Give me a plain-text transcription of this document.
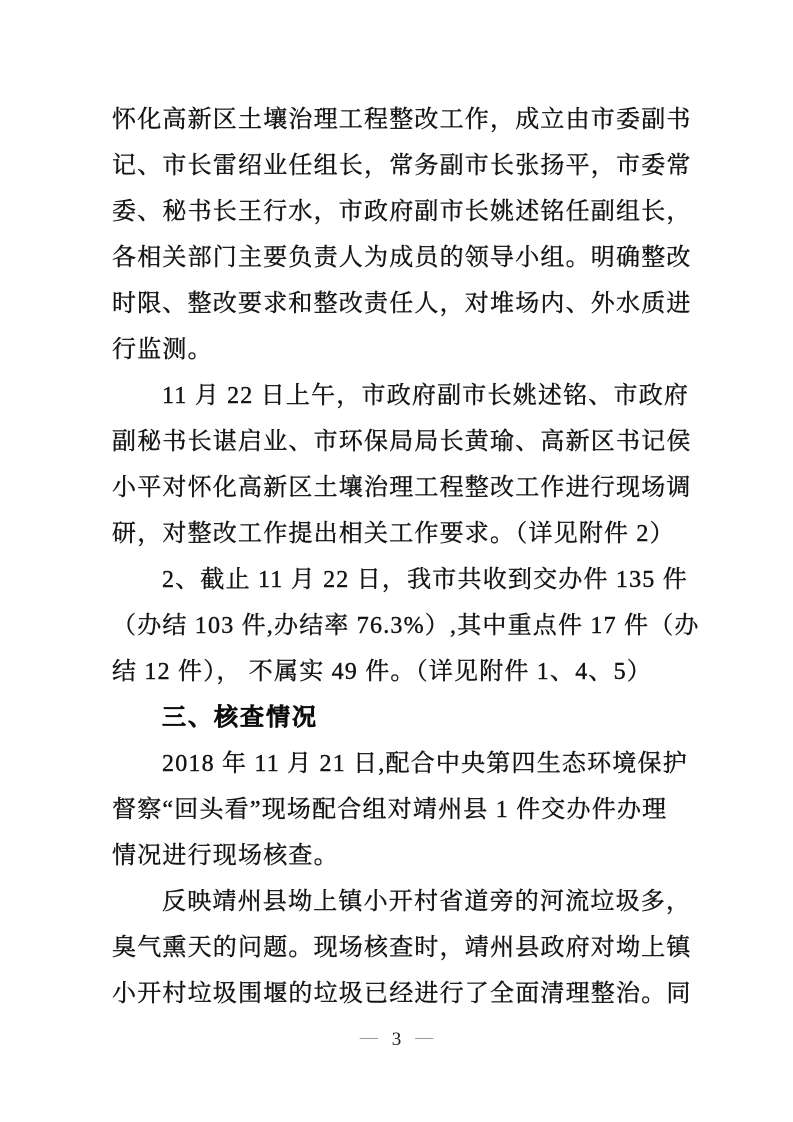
怀化高新区土壤治理工程整改工作，成立由市委副书
记、市长雷绍业任组长，常务副市长张扬平，市委常
委、秘书长王行水，市政府副市长姚述铭任副组长，
各相关部门主要负责人为成员的领导小组。明确整改
时限、整改要求和整改责任人，对堆场内、外水质进
行监测。
11 月 22 日上午，市政府副市长姚述铭、市政府
副秘书长谌启业、市环保局局长黄瑜、高新区书记侯
小平对怀化高新区土壤治理工程整改工作进行现场调
研，对整改工作提出相关工作要求。（详见附件 2）
2、截止 11 月 22 日，我市共收到交办件 135 件
（办结 103 件,办结率 76.3%）,其中重点件 17 件（办
结 12 件）， 不属实 49 件。（详见附件 1、4、5）
三、核查情况
2018 年 11 月 21 日,配合中央第四生态环境保护
督察“回头看”现场配合组对靖州县 1 件交办件办理
情况进行现场核查。
反映靖州县坳上镇小开村省道旁的河流垃圾多，
臭气熏天的问题。现场核查时，靖州县政府对坳上镇
小开村垃圾围堰的垃圾已经进行了全面清理整治。同
— 3 —
